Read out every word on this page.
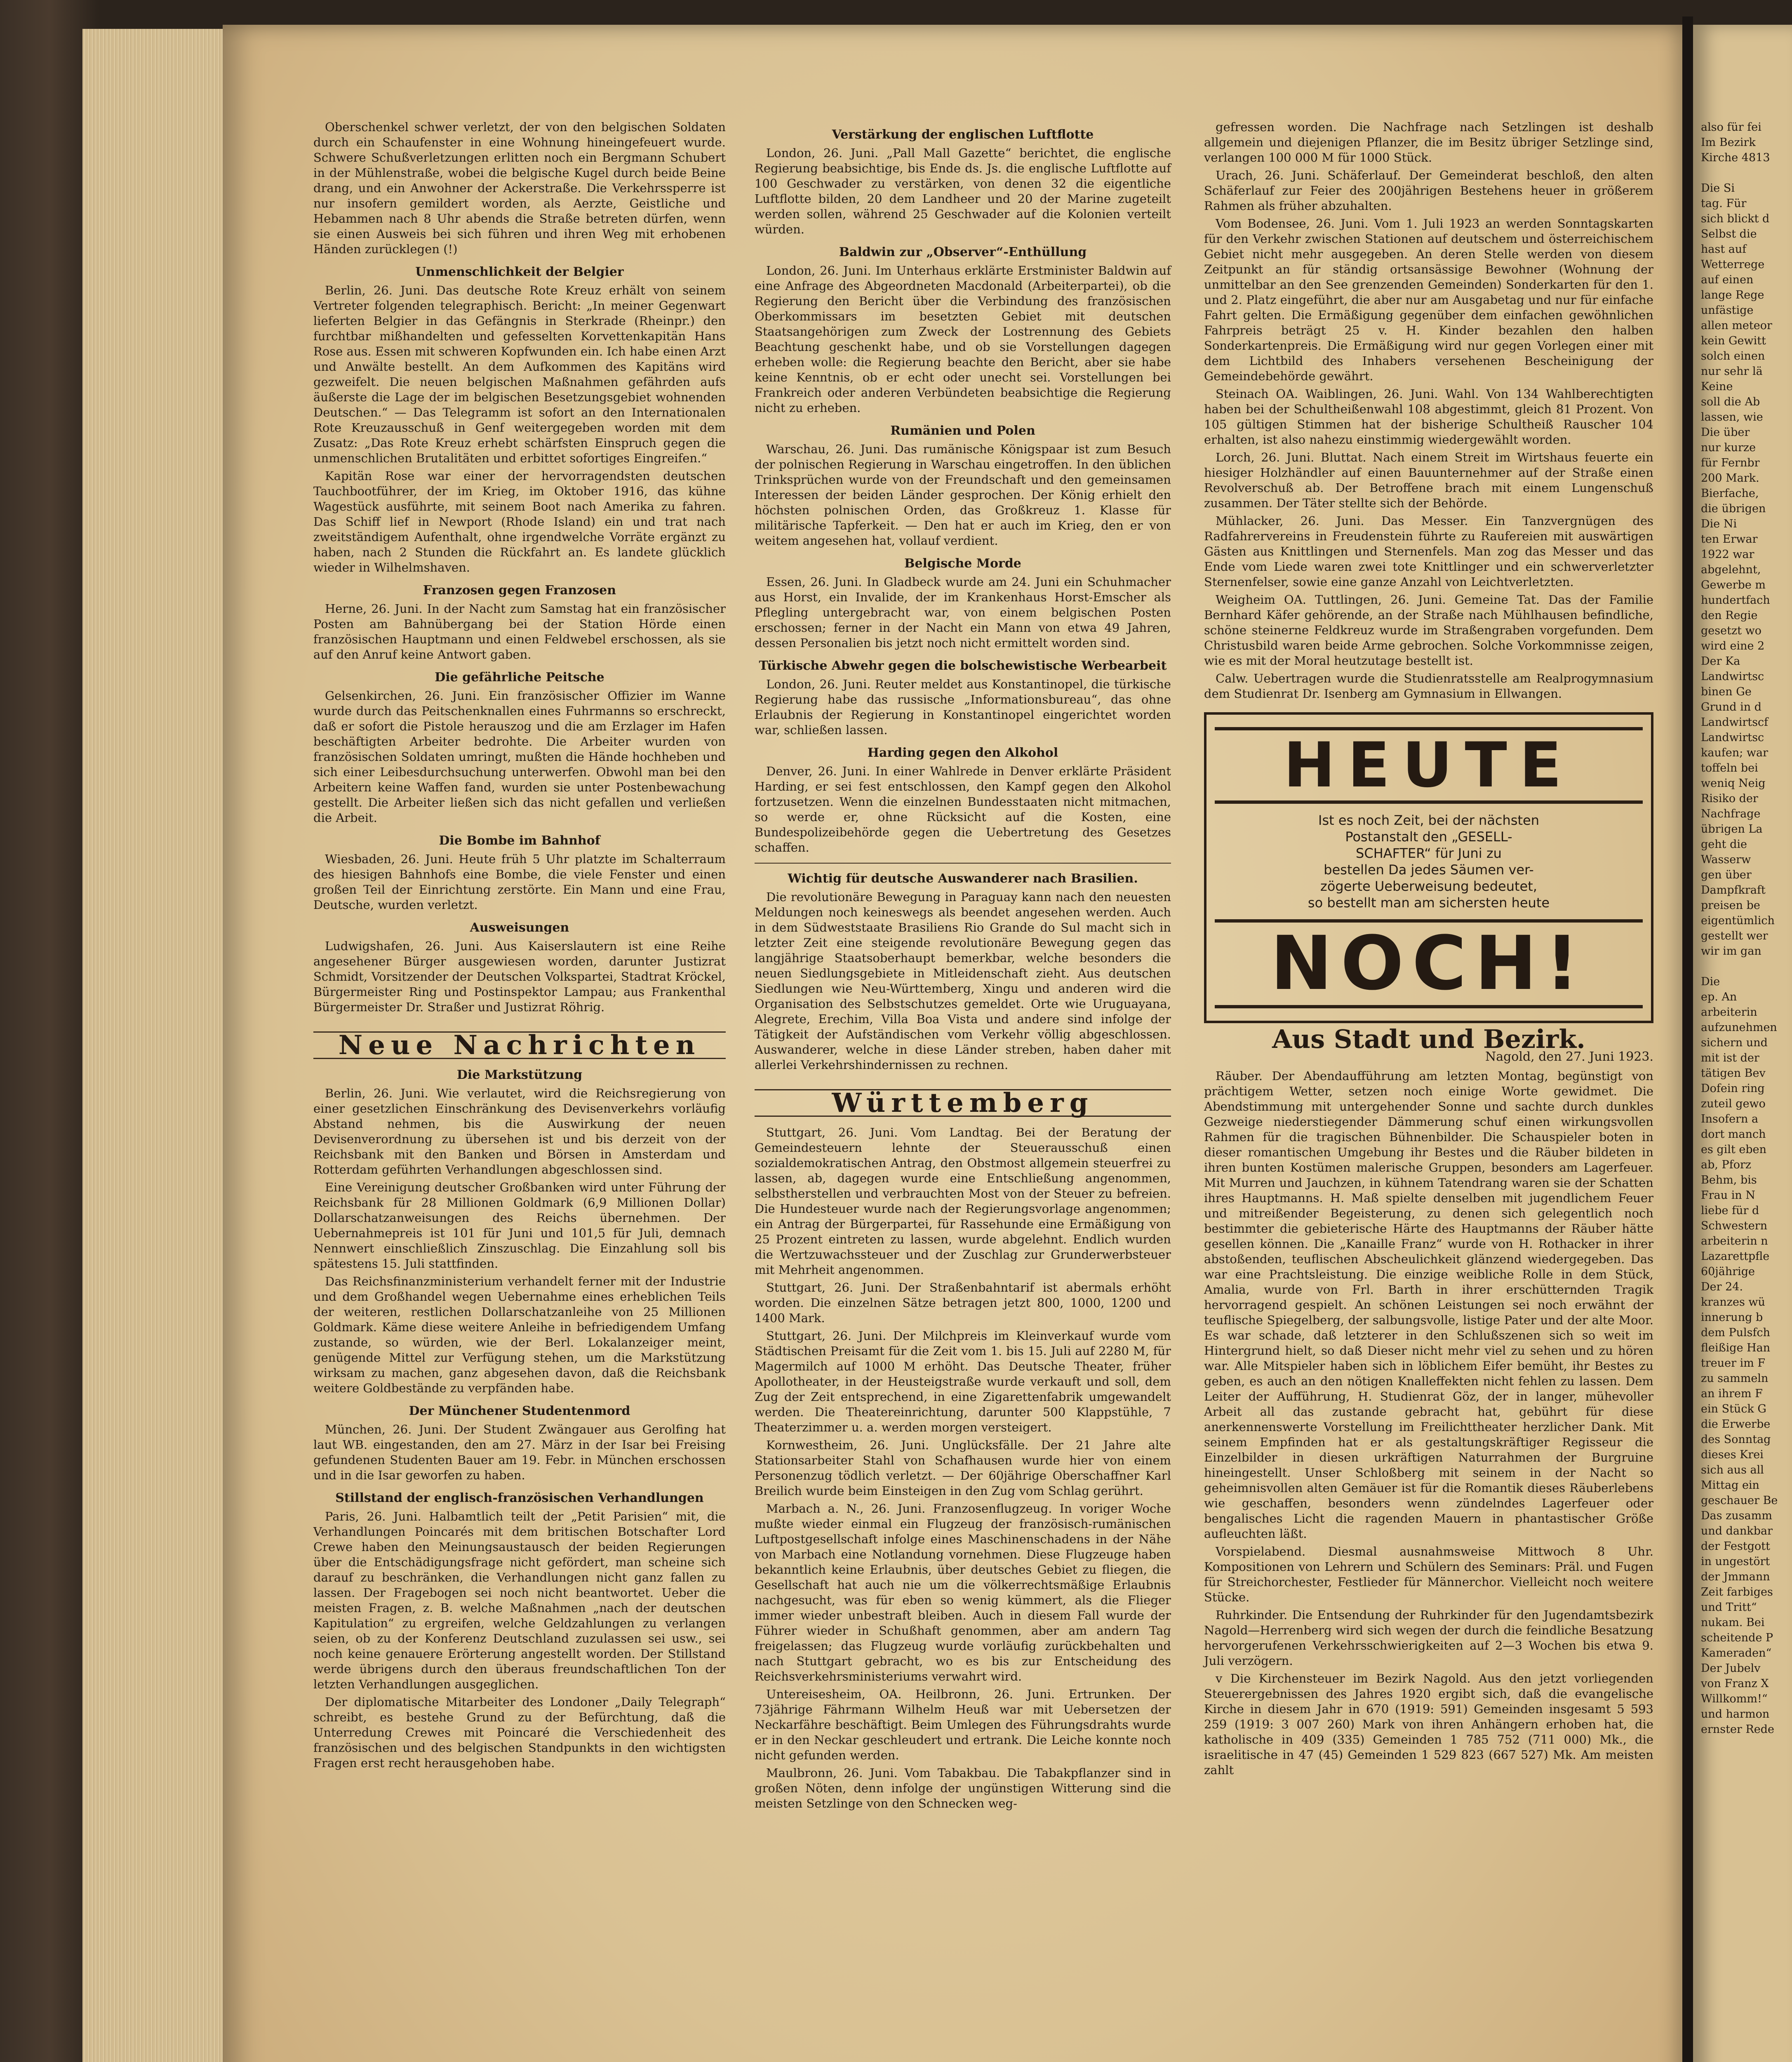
Oberschenkel schwer verletzt, der von den belgischen Soldaten durch ein Schaufenster in eine Wohnung hineingefeuert wurde. Schwere Schußverletzungen erlitten noch ein Bergmann Schubert in der Mühlenstraße, wobei die belgische Kugel durch beide Beine drang, und ein Anwohner der Ackerstraße. Die Verkehrssperre ist nur insofern gemildert worden, als Aerzte, Geistliche und Hebammen nach 8 Uhr abends die Straße betreten dürfen, wenn sie einen Ausweis bei sich führen und ihren Weg mit erhobenen Händen zurücklegen (!)

Unmenschlichkeit der Belgier

Berlin, 26. Juni. Das deutsche Rote Kreuz erhält von seinem Vertreter folgenden telegraphisch. Bericht: „In meiner Gegenwart lieferten Belgier in das Gefängnis in Sterkrade (Rheinpr.) den furchtbar mißhandelten und gefesselten Korvettenkapitän Hans Rose aus. Essen mit schweren Kopfwunden ein. Ich habe einen Arzt und Anwälte bestellt. An dem Aufkommen des Kapitäns wird gezweifelt. Die neuen belgischen Maßnahmen gefährden aufs äußerste die Lage der im belgischen Besetzungsgebiet wohnenden Deutschen.“ — Das Telegramm ist sofort an den Internationalen Rote Kreuzausschuß in Genf weitergegeben worden mit dem Zusatz: „Das Rote Kreuz erhebt schärfsten Einspruch gegen die unmenschlichen Brutalitäten und erbittet sofortiges Eingreifen.“

Kapitän Rose war einer der hervorragendsten deutschen Tauchbootführer, der im Krieg, im Oktober 1916, das kühne Wagestück ausführte, mit seinem Boot nach Amerika zu fahren. Das Schiff lief in Newport (Rhode Island) ein und trat nach zweitständigem Aufenthalt, ohne irgendwelche Vorräte ergänzt zu haben, nach 2 Stunden die Rückfahrt an. Es landete glücklich wieder in Wilhelmshaven.

Franzosen gegen Franzosen

Herne, 26. Juni. In der Nacht zum Samstag hat ein französischer Posten am Bahnübergang bei der Station Hörde einen französischen Hauptmann und einen Feldwebel erschossen, als sie auf den Anruf keine Antwort gaben.

Die gefährliche Peitsche

Gelsenkirchen, 26. Juni. Ein französischer Offizier im Wanne wurde durch das Peitschenknallen eines Fuhrmanns so erschreckt, daß er sofort die Pistole herauszog und die am Erzlager im Hafen beschäftigten Arbeiter bedrohte. Die Arbeiter wurden von französischen Soldaten umringt, mußten die Hände hochheben und sich einer Leibesdurchsuchung unterwerfen. Obwohl man bei den Arbeitern keine Waffen fand, wurden sie unter Postenbewachung gestellt. Die Arbeiter ließen sich das nicht gefallen und verließen die Arbeit.

Die Bombe im Bahnhof

Wiesbaden, 26. Juni. Heute früh 5 Uhr platzte im Schalterraum des hiesigen Bahnhofs eine Bombe, die viele Fenster und einen großen Teil der Einrichtung zerstörte. Ein Mann und eine Frau, Deutsche, wurden verletzt.

Ausweisungen

Ludwigshafen, 26. Juni. Aus Kaiserslautern ist eine Reihe angesehener Bürger ausgewiesen worden, darunter Justizrat Schmidt, Vorsitzender der Deutschen Volkspartei, Stadtrat Kröckel, Bürgermeister Ring und Postinspektor Lampau; aus Frankenthal Bürgermeister Dr. Straßer und Justizrat Röhrig.

Neue Nachrichten
Die Markstützung

Berlin, 26. Juni. Wie verlautet, wird die Reichsregierung von einer gesetzlichen Einschränkung des Devisenverkehrs vorläufig Abstand nehmen, bis die Auswirkung der neuen Devisenverordnung zu übersehen ist und bis derzeit von der Reichsbank mit den Banken und Börsen in Amsterdam und Rotterdam geführten Verhandlungen abgeschlossen sind.

Eine Vereinigung deutscher Großbanken wird unter Führung der Reichsbank für 28 Millionen Goldmark (6,9 Millionen Dollar) Dollarschatzanweisungen des Reichs übernehmen. Der Uebernahmepreis ist 101 für Juni und 101,5 für Juli, demnach Nennwert einschließlich Zinszuschlag. Die Einzahlung soll bis spätestens 15. Juli stattfinden.

Das Reichsfinanzministerium verhandelt ferner mit der Industrie und dem Großhandel wegen Uebernahme eines erheblichen Teils der weiteren, restlichen Dollarschatzanleihe von 25 Millionen Goldmark. Käme diese weitere Anleihe in befriedigendem Umfang zustande, so würden, wie der Berl. Lokalanzeiger meint, genügende Mittel zur Verfügung stehen, um die Markstützung wirksam zu machen, ganz abgesehen davon, daß die Reichsbank weitere Goldbestände zu verpfänden habe.

Der Münchener Studentenmord

München, 26. Juni. Der Student Zwängauer aus Gerolfing hat laut WB. eingestanden, den am 27. März in der Isar bei Freising gefundenen Studenten Bauer am 19. Febr. in München erschossen und in die Isar geworfen zu haben.

Stillstand der englisch-französischen Verhandlungen

Paris, 26. Juni. Halbamtlich teilt der „Petit Parisien“ mit, die Verhandlungen Poincarés mit dem britischen Botschafter Lord Crewe haben den Meinungsaustausch der beiden Regierungen über die Entschädigungsfrage nicht gefördert, man scheine sich darauf zu beschränken, die Verhandlungen nicht ganz fallen zu lassen. Der Fragebogen sei noch nicht beantwortet. Ueber die meisten Fragen, z. B. welche Maßnahmen „nach der deutschen Kapitulation“ zu ergreifen, welche Geldzahlungen zu verlangen seien, ob zu der Konferenz Deutschland zuzulassen sei usw., sei noch keine genauere Erörterung angestellt worden. Der Stillstand werde übrigens durch den überaus freundschaftlichen Ton der letzten Verhandlungen ausgeglichen.

Der diplomatische Mitarbeiter des Londoner „Daily Telegraph“ schreibt, es bestehe Grund zu der Befürchtung, daß die Unterredung Crewes mit Poincaré die Verschiedenheit des französischen und des belgischen Standpunkts in den wichtigsten Fragen erst recht herausgehoben habe.

Verstärkung der englischen Luftflotte

London, 26. Juni. „Pall Mall Gazette“ berichtet, die englische Regierung beabsichtige, bis Ende ds. Js. die englische Luftflotte auf 100 Geschwader zu verstärken, von denen 32 die eigentliche Luftflotte bilden, 20 dem Landheer und 20 der Marine zugeteilt werden sollen, während 25 Geschwader auf die Kolonien verteilt würden.

Baldwin zur „Observer“-Enthüllung

London, 26. Juni. Im Unterhaus erklärte Erstminister Baldwin auf eine Anfrage des Abgeordneten Macdonald (Arbeiterpartei), ob die Regierung den Bericht über die Verbindung des französischen Oberkommissars im besetzten Gebiet mit deutschen Staatsangehörigen zum Zweck der Lostrennung des Gebiets Beachtung geschenkt habe, und ob sie Vorstellungen dagegen erheben wolle: die Regierung beachte den Bericht, aber sie habe keine Kenntnis, ob er echt oder unecht sei. Vorstellungen bei Frankreich oder anderen Verbündeten beabsichtige die Regierung nicht zu erheben.

Rumänien und Polen

Warschau, 26. Juni. Das rumänische Königspaar ist zum Besuch der polnischen Regierung in Warschau eingetroffen. In den üblichen Trinksprüchen wurde von der Freundschaft und den gemeinsamen Interessen der beiden Länder gesprochen. Der König erhielt den höchsten polnischen Orden, das Großkreuz 1. Klasse für militärische Tapferkeit. — Den hat er auch im Krieg, den er von weitem angesehen hat, vollauf verdient.

Belgische Morde

Essen, 26. Juni. In Gladbeck wurde am 24. Juni ein Schuhmacher aus Horst, ein Invalide, der im Krankenhaus Horst-Emscher als Pflegling untergebracht war, von einem belgischen Posten erschossen; ferner in der Nacht ein Mann von etwa 49 Jahren, dessen Personalien bis jetzt noch nicht ermittelt worden sind.

Türkische Abwehr gegen die bolschewistische Werbearbeit

London, 26. Juni. Reuter meldet aus Konstantinopel, die türkische Regierung habe das russische „Informationsbureau“, das ohne Erlaubnis der Regierung in Konstantinopel eingerichtet worden war, schließen lassen.

Harding gegen den Alkohol

Denver, 26. Juni. In einer Wahlrede in Denver erklärte Präsident Harding, er sei fest entschlossen, den Kampf gegen den Alkohol fortzusetzen. Wenn die einzelnen Bundesstaaten nicht mitmachen, so werde er, ohne Rücksicht auf die Kosten, eine Bundespolizeibehörde gegen die Uebertretung des Gesetzes schaffen.

Wichtig für deutsche Auswanderer nach Brasilien.

Die revolutionäre Bewegung in Paraguay kann nach den neuesten Meldungen noch keineswegs als beendet angesehen werden. Auch in dem Südweststaate Brasiliens Rio Grande do Sul macht sich in letzter Zeit eine steigende revolutionäre Bewegung gegen das langjährige Staatsoberhaupt bemerkbar, welche besonders die neuen Siedlungsgebiete in Mitleidenschaft zieht. Aus deutschen Siedlungen wie Neu-Württemberg, Xingu und anderen wird die Organisation des Selbstschutzes gemeldet. Orte wie Uruguayana, Alegrete, Erechim, Villa Boa Vista und andere sind infolge der Tätigkeit der Aufständischen vom Verkehr völlig abgeschlossen. Auswanderer, welche in diese Länder streben, haben daher mit allerlei Verkehrshindernissen zu rechnen.

Württemberg

Stuttgart, 26. Juni. Vom Landtag. Bei der Beratung der Gemeindesteuern lehnte der Steuerausschuß einen sozialdemokratischen Antrag, den Obstmost allgemein steuerfrei zu lassen, ab, dagegen wurde eine Entschließung angenommen, selbstherstellen und verbrauchten Most von der Steuer zu befreien. Die Hundesteuer wurde nach der Regierungsvorlage angenommen; ein Antrag der Bürgerpartei, für Rassehunde eine Ermäßigung von 25 Prozent eintreten zu lassen, wurde abgelehnt. Endlich wurden die Wertzuwachssteuer und der Zuschlag zur Grunderwerbsteuer mit Mehrheit angenommen.

Stuttgart, 26. Juni. Der Straßenbahntarif ist abermals erhöht worden. Die einzelnen Sätze betragen jetzt 800, 1000, 1200 und 1400 Mark.

Stuttgart, 26. Juni. Der Milchpreis im Kleinverkauf wurde vom Städtischen Preisamt für die Zeit vom 1. bis 15. Juli auf 2280 M, für Magermilch auf 1000 M erhöht. Das Deutsche Theater, früher Apollotheater, in der Heusteigstraße wurde verkauft und soll, dem Zug der Zeit entsprechend, in eine Zigarettenfabrik umgewandelt werden. Die Theatereinrichtung, darunter 500 Klappstühle, 7 Theaterzimmer u. a. werden morgen versteigert.

Kornwestheim, 26. Juni. Unglücksfälle. Der 21 Jahre alte Stationsarbeiter Stahl von Schafhausen wurde hier von einem Personenzug tödlich verletzt. — Der 60jährige Oberschaffner Karl Breilich wurde beim Einsteigen in den Zug vom Schlag gerührt.

Marbach a. N., 26. Juni. Franzosenflugzeug. In voriger Woche mußte wieder einmal ein Flugzeug der französisch-rumänischen Luftpostgesellschaft infolge eines Maschinenschadens in der Nähe von Marbach eine Notlandung vornehmen. Diese Flugzeuge haben bekanntlich keine Erlaubnis, über deutsches Gebiet zu fliegen, die Gesellschaft hat auch nie um die völkerrechtsmäßige Erlaubnis nachgesucht, was für eben so wenig kümmert, als die Flieger immer wieder unbestraft bleiben. Auch in diesem Fall wurde der Führer wieder in Schußhaft genommen, aber am andern Tag freigelassen; das Flugzeug wurde vorläufig zurückbehalten und nach Stuttgart gebracht, wo es bis zur Entscheidung des Reichsverkehrsministeriums verwahrt wird.

Untereisesheim, OA. Heilbronn, 26. Juni. Ertrunken. Der 73jährige Fährmann Wilhelm Heuß war mit Uebersetzen der Neckarfähre beschäftigt. Beim Umlegen des Führungsdrahts wurde er in den Neckar geschleudert und ertrank. Die Leiche konnte noch nicht gefunden werden.

Maulbronn, 26. Juni. Vom Tabakbau. Die Tabakpflanzer sind in großen Nöten, denn infolge der ungünstigen Witterung sind die meisten Setzlinge von den Schnecken weg-

gefressen worden. Die Nachfrage nach Setzlingen ist deshalb allgemein und diejenigen Pflanzer, die im Besitz übriger Setzlinge sind, verlangen 100 000 M für 1000 Stück.

Urach, 26. Juni. Schäferlauf. Der Gemeinderat beschloß, den alten Schäferlauf zur Feier des 200jährigen Bestehens heuer in größerem Rahmen als früher abzuhalten.

Vom Bodensee, 26. Juni. Vom 1. Juli 1923 an werden Sonntagskarten für den Verkehr zwischen Stationen auf deutschem und österreichischem Gebiet nicht mehr ausgegeben. An deren Stelle werden von diesem Zeitpunkt an für ständig ortsansässige Bewohner (Wohnung der unmittelbar an den See grenzenden Gemeinden) Sonderkarten für den 1. und 2. Platz eingeführt, die aber nur am Ausgabetag und nur für einfache Fahrt gelten. Die Ermäßigung gegenüber dem einfachen gewöhnlichen Fahrpreis beträgt 25 v. H. Kinder bezahlen den halben Sonderkartenpreis. Die Ermäßigung wird nur gegen Vorlegen einer mit dem Lichtbild des Inhabers versehenen Bescheinigung der Gemeindebehörde gewährt.

Steinach OA. Waiblingen, 26. Juni. Wahl. Von 134 Wahlberechtigten haben bei der Schultheißenwahl 108 abgestimmt, gleich 81 Prozent. Von 105 gültigen Stimmen hat der bisherige Schultheiß Rauscher 104 erhalten, ist also nahezu einstimmig wiedergewählt worden.

Lorch, 26. Juni. Bluttat. Nach einem Streit im Wirtshaus feuerte ein hiesiger Holzhändler auf einen Bauunternehmer auf der Straße einen Revolverschuß ab. Der Betroffene brach mit einem Lungenschuß zusammen. Der Täter stellte sich der Behörde.

Mühlacker, 26. Juni. Das Messer. Ein Tanzvergnügen des Radfahrervereins in Freudenstein führte zu Raufereien mit auswärtigen Gästen aus Knittlingen und Sternenfels. Man zog das Messer und das Ende vom Liede waren zwei tote Knittlinger und ein schwerverletzter Sternenfelser, sowie eine ganze Anzahl von Leichtverletzten.

Weigheim OA. Tuttlingen, 26. Juni. Gemeine Tat. Das der Familie Bernhard Käfer gehörende, an der Straße nach Mühlhausen befindliche, schöne steinerne Feldkreuz wurde im Straßengraben vorgefunden. Dem Christusbild waren beide Arme gebrochen. Solche Vorkommnisse zeigen, wie es mit der Moral heutzutage bestellt ist.

Calw. Uebertragen wurde die Studienratsstelle am Realprogymnasium dem Studienrat Dr. Isenberg am Gymnasium in Ellwangen.

HEUTE
Ist es noch Zeit, bei der nächsten
Postanstalt den „GESELL-
SCHAFTER“ für Juni zu
bestellen Da jedes Säumen ver-
zögerte Ueberweisung bedeutet,
so bestellt man am sichersten heute
NOCH!
Aus Stadt und Bezirk.
Nagold, den 27. Juni 1923.

Räuber. Der Abendaufführung am letzten Montag, begünstigt von prächtigem Wetter, setzen noch einige Worte gewidmet. Die Abendstimmung mit untergehender Sonne und sachte durch dunkles Gezweige niederstiegender Dämmerung schuf einen wirkungsvollen Rahmen für die tragischen Bühnenbilder. Die Schauspieler boten in dieser romantischen Umgebung ihr Bestes und die Räuber bildeten in ihren bunten Kostümen malerische Gruppen, besonders am Lagerfeuer. Mit Murren und Jauchzen, in kühnem Tatendrang waren sie der Schatten ihres Hauptmanns. H. Maß spielte denselben mit jugendlichem Feuer und mitreißender Begeisterung, zu denen sich gelegentlich noch bestimmter die gebieterische Härte des Hauptmanns der Räuber hätte gesellen können. Die „Kanaille Franz“ wurde von H. Rothacker in ihrer abstoßenden, teuflischen Abscheulichkeit glänzend wiedergegeben. Das war eine Prachtsleistung. Die einzige weibliche Rolle in dem Stück, Amalia, wurde von Frl. Barth in ihrer erschütternden Tragik hervorragend gespielt. An schönen Leistungen sei noch erwähnt der teuflische Spiegelberg, der salbungsvolle, listige Pater und der alte Moor. Es war schade, daß letzterer in den Schlußszenen sich so weit im Hintergrund hielt, so daß Dieser nicht mehr viel zu sehen und zu hören war. Alle Mitspieler haben sich in löblichem Eifer bemüht, ihr Bestes zu geben, es auch an den nötigen Knalleffekten nicht fehlen zu lassen. Dem Leiter der Aufführung, H. Studienrat Göz, der in langer, mühevoller Arbeit all das zustande gebracht hat, gebührt für diese anerkennenswerte Vorstellung im Freilichttheater herzlicher Dank. Mit seinem Empfinden hat er als gestaltungskräftiger Regisseur die Einzelbilder in diesen urkräftigen Naturrahmen der Burgruine hineingestellt. Unser Schloßberg mit seinem in der Nacht so geheimnisvollen alten Gemäuer ist für die Romantik dieses Räuberlebens wie geschaffen, besonders wenn zündelndes Lagerfeuer oder bengalisches Licht die ragenden Mauern in phantastischer Größe aufleuchten läßt.

Vorspielabend. Diesmal ausnahmsweise Mittwoch 8 Uhr. Kompositionen von Lehrern und Schülern des Seminars: Präl. und Fugen für Streichorchester, Festlieder für Männerchor. Vielleicht noch weitere Stücke.

Ruhrkinder. Die Entsendung der Ruhrkinder für den Jugendamtsbezirk Nagold—Herrenberg wird sich wegen der durch die feindliche Besatzung hervorgerufenen Verkehrsschwierigkeiten auf 2—3 Wochen bis etwa 9. Juli verzögern.

v Die Kirchensteuer im Bezirk Nagold. Aus den jetzt vorliegenden Steuerergebnissen des Jahres 1920 ergibt sich, daß die evangelische Kirche in diesem Jahr in 670 (1919: 591) Gemeinden insgesamt 5 593 259 (1919: 3 007 260) Mark von ihren Anhängern erhoben hat, die katholische in 409 (335) Gemeinden 1 785 752 (711 000) Mk., die israelitische in 47 (45) Gemeinden 1 529 823 (667 527) Mk. Am meisten zahlt

also für fei
Im Bezirk
Kirche 4813
Die Si
tag. Für
sich blickt d
Selbst die
hast auf
Wetterrege
auf einen
lange Rege
unfästige
allen meteor
kein Gewitt
solch einen
nur sehr lä
Keine
soll die Ab
lassen, wie
Die über
nur kurze
für Fernbr
200 Mark.
Bierfache,
die übrigen
Die Ni
ten Erwar
1922 war
abgelehnt,
Gewerbe m
hundertfach
den Regie
gesetzt wo
wird eine 2
Der Ka
Landwirtsc
binen Ge
Grund in d
Landwirtscf
Landwirtsc
kaufen; war
toffeln bei
weniq Neig
Risiko der
Nachfrage
übrigen La
geht die
Wasserw
gen über
Dampfkraft
preisen be
eigentümlich
gestellt wer
wir im gan
Die
ep. An
arbeiterin
aufzunehmen
sichern und
mit ist der
tätigen Bev
Dofein ring
zuteil gewo
Insofern a
dort manch
es gilt eben
ab, Pforz
Behm, bis
Frau in N
liebe für d
Schwestern
arbeiterin n
Lazarettpfle
60jährige
Der 24.
kranzes wü
innerung b
dem Pulsfch
fleißige Han
treuer im F
zu sammeln
an ihrem F
ein Stück G
die Erwerbe
des Sonntag
dieses Krei
sich aus all
Mittag ein
geschauer Be
Das zusamm
und dankbar
der Festgott
in ungestört
der Jmmann
Zeit farbiges
und Tritt“
nukam. Bei
scheitende P
Kameraden“
Der Jubelv
von Franz X
Willkomm!“
und harmon
ernster Rede
